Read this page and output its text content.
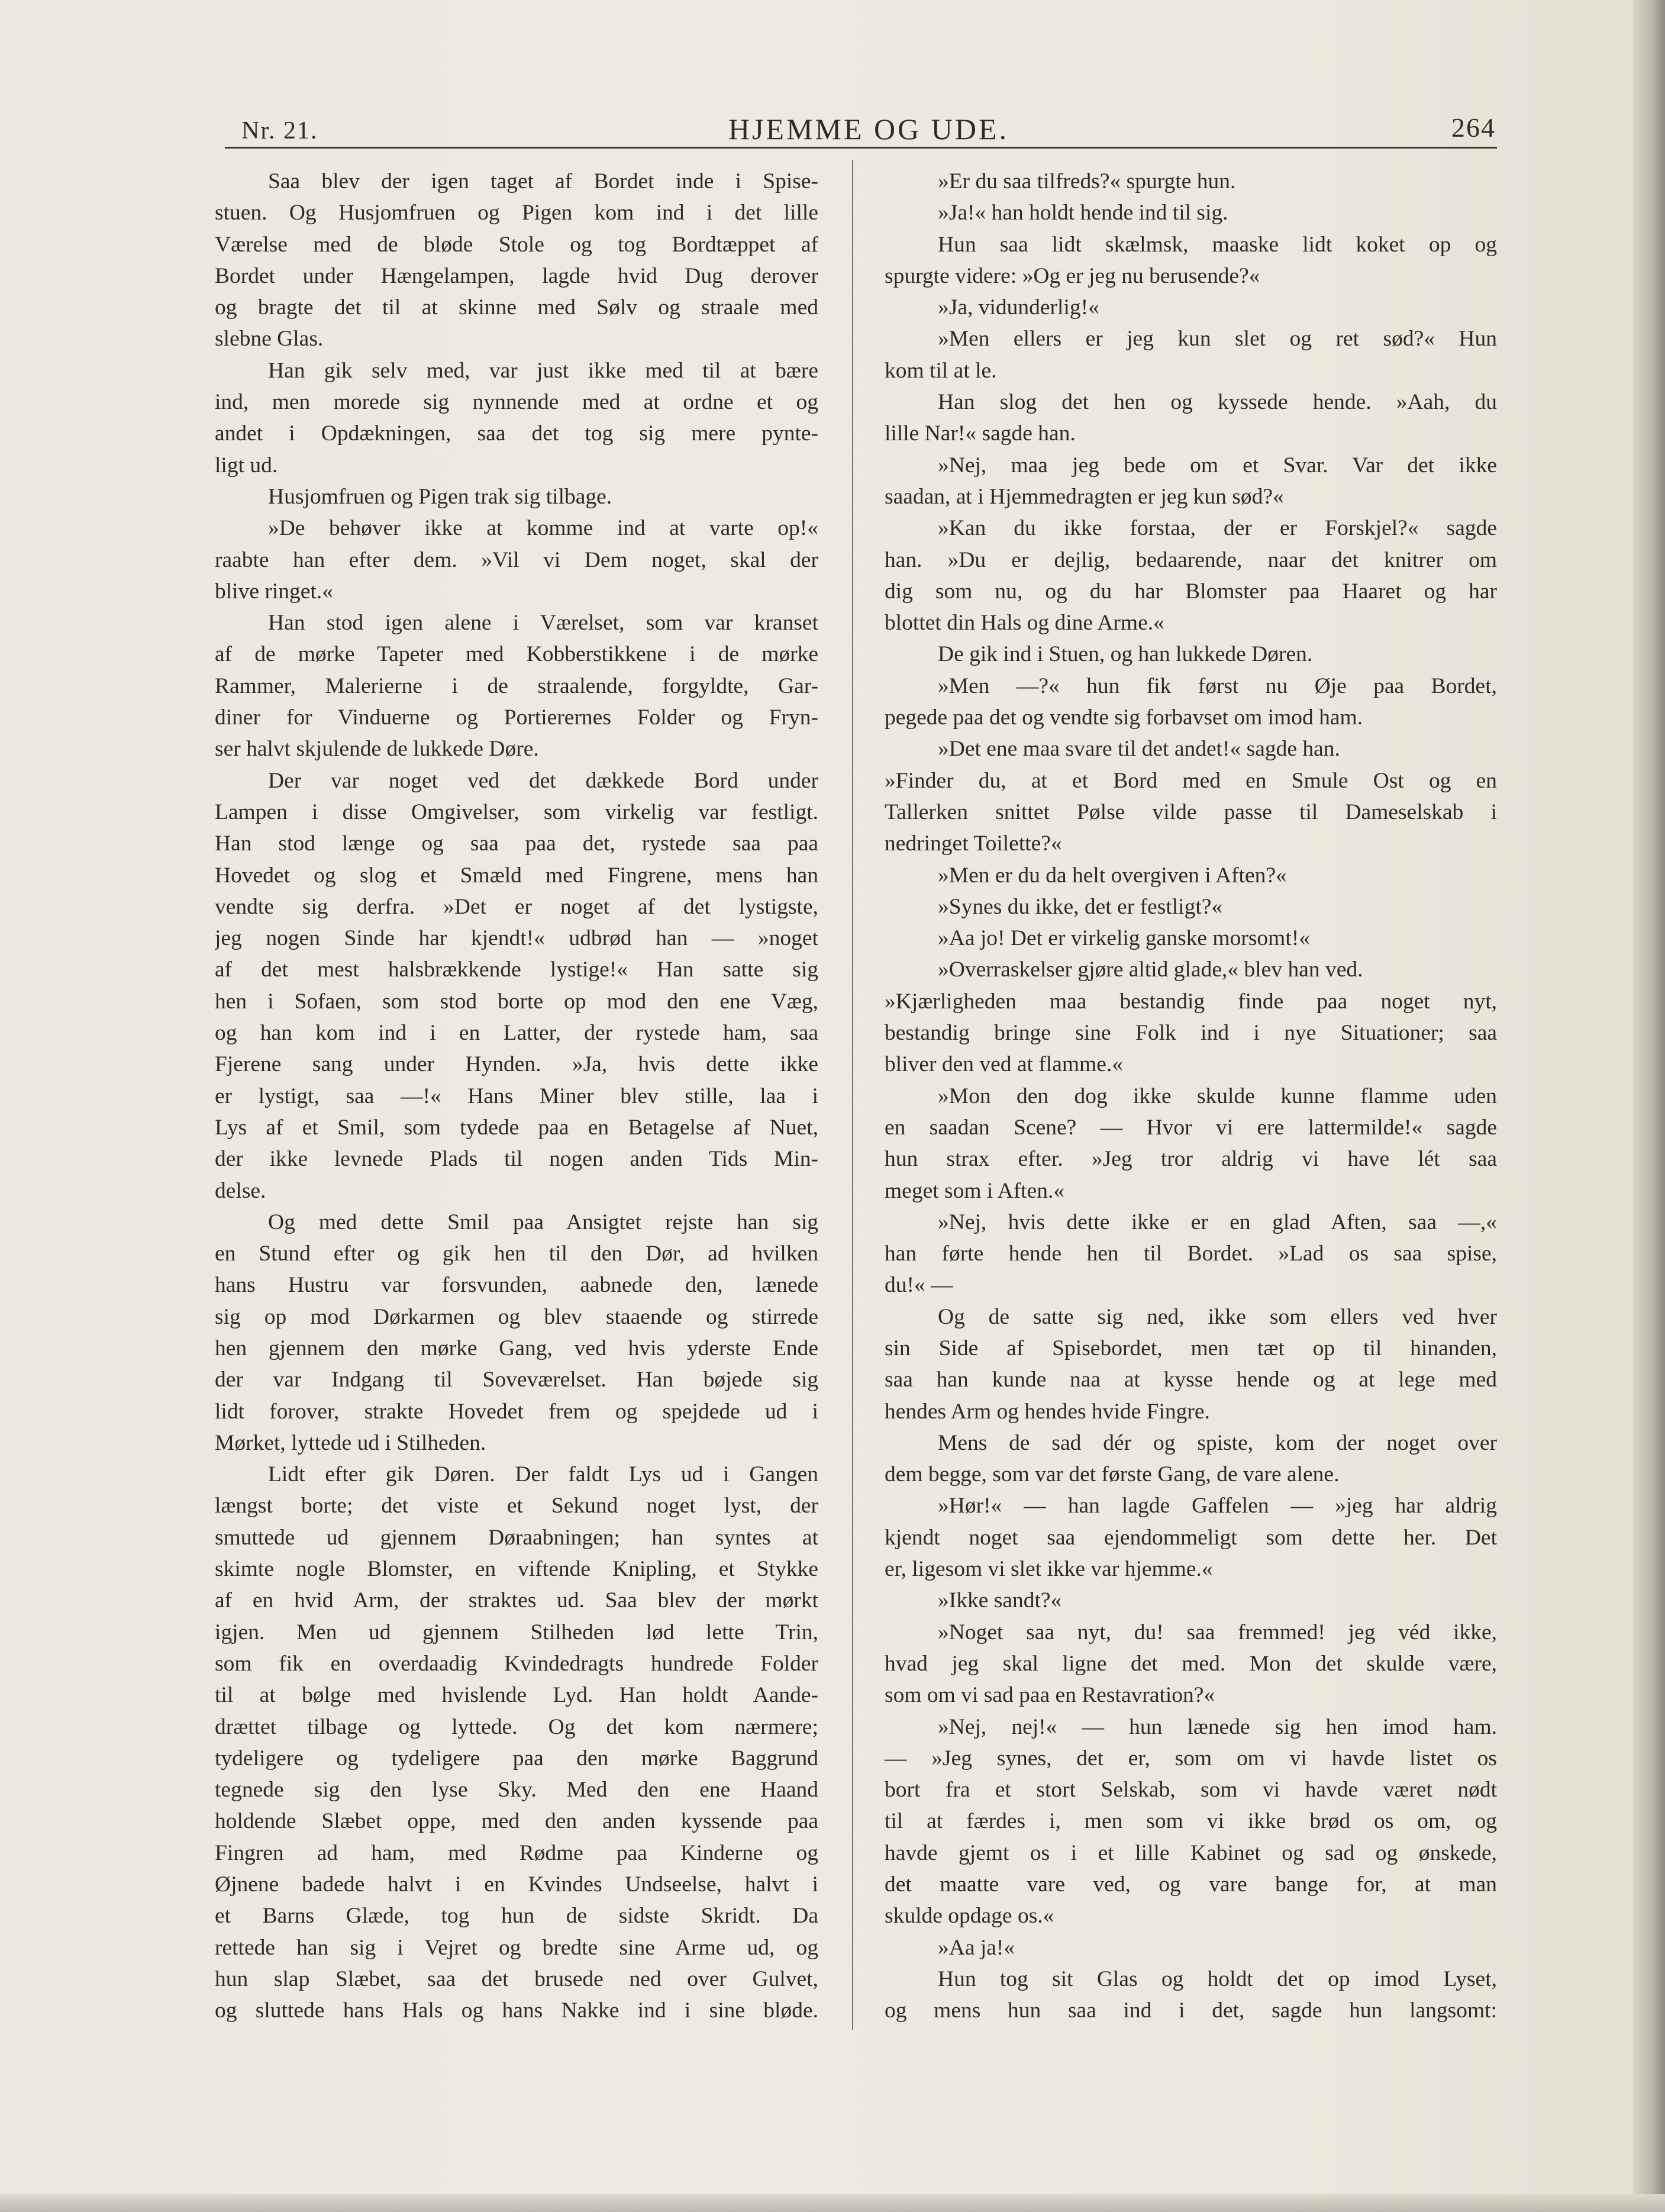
Nr. 21.	HJEMME OG UDE.	264
Saa blev der igen taget af Bordet inde i Spise-
stuen. Og Husjomfruen og Pigen kom ind i det lille
Værelse med de bløde Stole og tog Bordtæppet af
Bordet under Hængelampen, lagde hvid Dug derover
og bragte det til at skinne med Sølv og straale med
slebne Glas.
Han gik selv med, var just ikke med til at bære
ind, men morede sig nynnende med at ordne et og
andet i Opdækningen, saa det tog sig mere pynte-
ligt ud.
Husjomfruen og Pigen trak sig tilbage.
»De behøver ikke at komme ind at varte op!«
raabte han efter dem. »Vil vi Dem noget, skal der
blive ringet.«
Han stod igen alene i Værelset, som var kranset
af de mørke Tapeter med Kobberstikkene i de mørke
Rammer, Malerierne i de straalende, forgyldte, Gar-
diner for Vinduerne og Portierernes Folder og Fryn-
ser halvt skjulende de lukkede Døre.
Der var noget ved det dækkede Bord under
Lampen i disse Omgivelser, som virkelig var festligt.
Han stod længe og saa paa det, rystede saa paa
Hovedet og slog et Smæld med Fingrene, mens han
vendte sig derfra. »Det er noget af det lystigste,
jeg nogen Sinde har kjendt!« udbrød han — »noget
af det mest halsbrækkende lystige!« Han satte sig
hen i Sofaen, som stod borte op mod den ene Væg,
og han kom ind i en Latter, der rystede ham, saa
Fjerene sang under Hynden. »Ja, hvis dette ikke
er lystigt, saa —!« Hans Miner blev stille, laa i
Lys af et Smil, som tydede paa en Betagelse af Nuet,
der ikke levnede Plads til nogen anden Tids Min-
delse.
Og med dette Smil paa Ansigtet rejste han sig
en Stund efter og gik hen til den Dør, ad hvilken
hans Hustru var forsvunden, aabnede den, lænede
sig op mod Dørkarmen og blev staaende og stirrede
hen gjennem den mørke Gang, ved hvis yderste Ende
der var Indgang til Soveværelset. Han bøjede sig
lidt forover, strakte Hovedet frem og spejdede ud i
Mørket, lyttede ud i Stilheden.
Lidt efter gik Døren. Der faldt Lys ud i Gangen
længst borte; det viste et Sekund noget lyst, der
smuttede ud gjennem Døraabningen; han syntes at
skimte nogle Blomster, en viftende Knipling, et Stykke
af en hvid Arm, der straktes ud. Saa blev der mørkt
igjen. Men ud gjennem Stilheden lød lette Trin,
som fik en overdaadig Kvindedragts hundrede Folder
til at bølge med hvislende Lyd. Han holdt Aande-
drættet tilbage og lyttede. Og det kom nærmere;
tydeligere og tydeligere paa den mørke Baggrund
tegnede sig den lyse Sky. Med den ene Haand
holdende Slæbet oppe, med den anden kyssende paa
Fingren ad ham, med Rødme paa Kinderne og
Øjnene badede halvt i en Kvindes Undseelse, halvt i
et Barns Glæde, tog hun de sidste Skridt. Da
rettede han sig i Vejret og bredte sine Arme ud, og
hun slap Slæbet, saa det brusede ned over Gulvet,
og sluttede hans Hals og hans Nakke ind i sine bløde.
»Er du saa tilfreds?« spurgte hun.
»Ja!« han holdt hende ind til sig.
Hun saa lidt skælmsk, maaske lidt koket op og
spurgte videre: »Og er jeg nu berusende?«
»Ja, vidunderlig!«
»Men ellers er jeg kun slet og ret sød?« Hun
kom til at le.
Han slog det hen og kyssede hende. »Aah, du
lille Nar!« sagde han.
»Nej, maa jeg bede om et Svar. Var det ikke
saadan, at i Hjemmedragten er jeg kun sød?«
»Kan du ikke forstaa, der er Forskjel?« sagde
han. »Du er dejlig, bedaarende, naar det knitrer om
dig som nu, og du har Blomster paa Haaret og har
blottet din Hals og dine Arme.«
De gik ind i Stuen, og han lukkede Døren.
»Men —?« hun fik først nu Øje paa Bordet,
pegede paa det og vendte sig forbavset om imod ham.
»Det ene maa svare til det andet!« sagde han.
»Finder du, at et Bord med en Smule Ost og en
Tallerken snittet Pølse vilde passe til Dameselskab i
nedringet Toilette?«
»Men er du da helt overgiven i Aften?«
»Synes du ikke, det er festligt?«
»Aa jo! Det er virkelig ganske morsomt!«
»Overraskelser gjøre altid glade,« blev han ved.
»Kjærligheden maa bestandig finde paa noget nyt,
bestandig bringe sine Folk ind i nye Situationer; saa
bliver den ved at flamme.«
»Mon den dog ikke skulde kunne flamme uden
en saadan Scene? — Hvor vi ere lattermilde!« sagde
hun strax efter. »Jeg tror aldrig vi have lét saa
meget som i Aften.«
»Nej, hvis dette ikke er en glad Aften, saa —,«
han førte hende hen til Bordet. »Lad os saa spise,
du!« —
Og de satte sig ned, ikke som ellers ved hver
sin Side af Spisebordet, men tæt op til hinanden,
saa han kunde naa at kysse hende og at lege med
hendes Arm og hendes hvide Fingre.
Mens de sad dér og spiste, kom der noget over
dem begge, som var det første Gang, de vare alene.
»Hør!« — han lagde Gaffelen — »jeg har aldrig
kjendt noget saa ejendommeligt som dette her. Det
er, ligesom vi slet ikke var hjemme.«
»Ikke sandt?«
»Noget saa nyt, du! saa fremmed! jeg véd ikke,
hvad jeg skal ligne det med. Mon det skulde være,
som om vi sad paa en Restavration?«
»Nej, nej!« — hun lænede sig hen imod ham.
— »Jeg synes, det er, som om vi havde listet os
bort fra et stort Selskab, som vi havde været nødt
til at færdes i, men som vi ikke brød os om, og
havde gjemt os i et lille Kabinet og sad og ønskede,
det maatte vare ved, og vare bange for, at man
skulde opdage os.«
»Aa ja!«
Hun tog sit Glas og holdt det op imod Lyset,
og mens hun saa ind i det, sagde hun langsomt:
